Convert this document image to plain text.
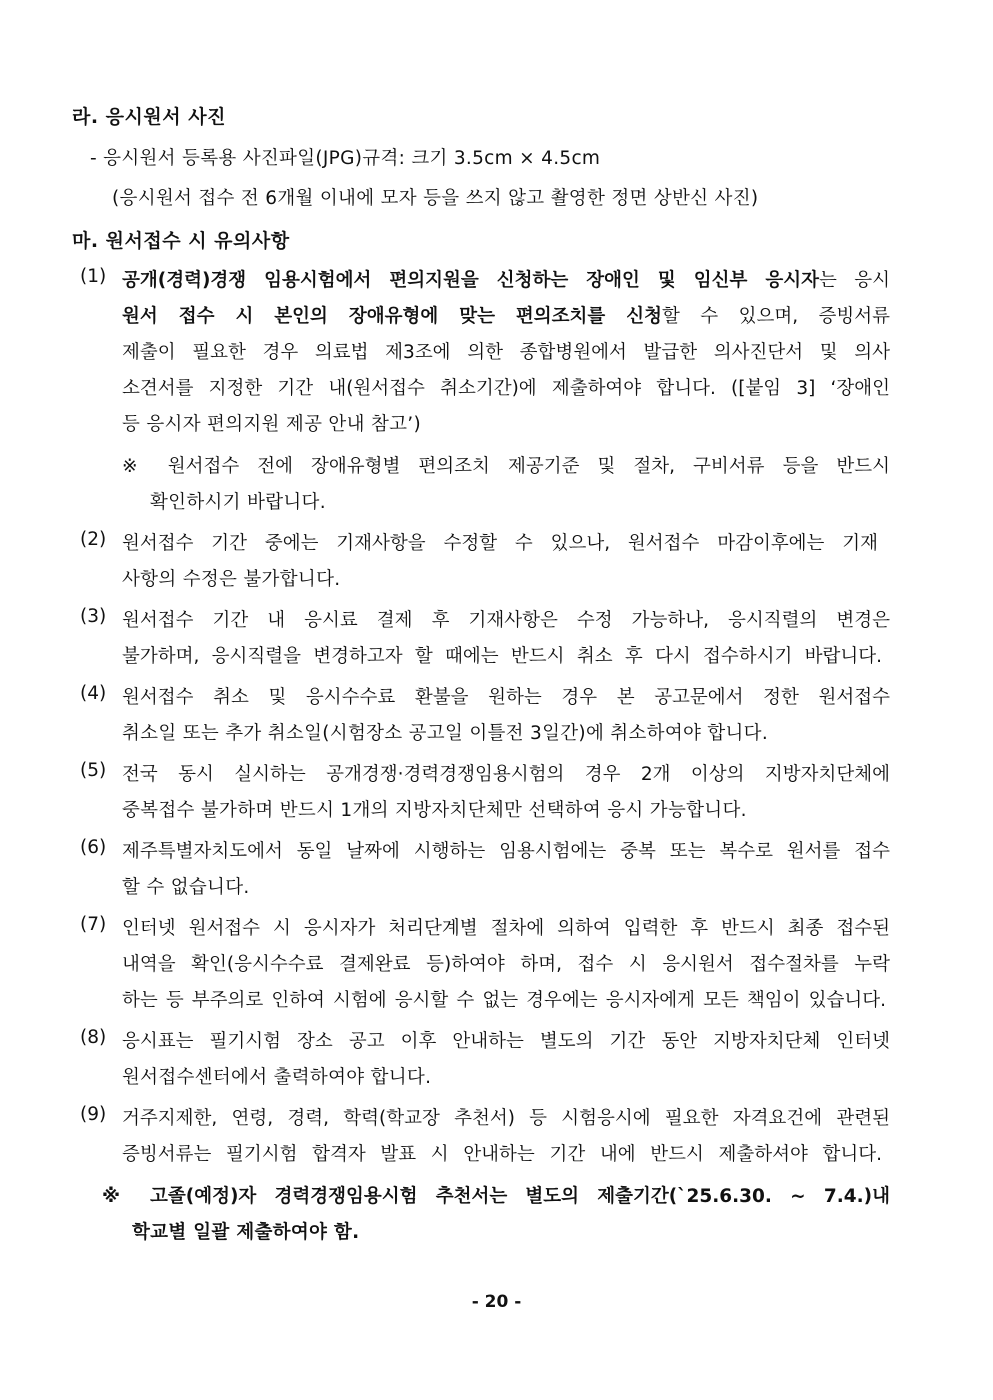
라. 응시원서 사진
- 응시원서 등록용 사진파일(JPG)규격: 크기 3.5cm × 4.5cm
(응시원서 접수 전 6개월 이내에 모자 등을 쓰지 않고 촬영한 정면 상반신 사진)
마. 원서접수 시 유의사항
(1) 공개(경력)경쟁 임용시험에서 편의지원을 신청하는 장애인 및 임신부 응시자는 응시
원서 접수 시 본인의 장애유형에 맞는 편의조치를 신청할 수 있으며, 증빙서류
제출이 필요한 경우 의료법 제3조에 의한 종합병원에서 발급한 의사진단서 및 의사
소견서를 지정한 기간 내(원서접수 취소기간)에 제출하여야 합니다. ([붙임 3] ‘장애인
등 응시자 편의지원 제공 안내 참고’)
※ 원서접수 전에 장애유형별 편의조치 제공기준 및 절차, 구비서류 등을 반드시
확인하시기 바랍니다.
(2) 원서접수 기간 중에는 기재사항을 수정할 수 있으나, 원서접수 마감이후에는 기재
사항의 수정은 불가합니다.
(3) 원서접수 기간 내 응시료 결제 후 기재사항은 수정 가능하나, 응시직렬의 변경은
불가하며, 응시직렬을 변경하고자 할 때에는 반드시 취소 후 다시 접수하시기 바랍니다.
(4) 원서접수 취소 및 응시수수료 환불을 원하는 경우 본 공고문에서 정한 원서접수
취소일 또는 추가 취소일(시험장소 공고일 이틀전 3일간)에 취소하여야 합니다.
(5) 전국 동시 실시하는 공개경쟁·경력경쟁임용시험의 경우 2개 이상의 지방자치단체에
중복접수 불가하며 반드시 1개의 지방자치단체만 선택하여 응시 가능합니다.
(6) 제주특별자치도에서 동일 날짜에 시행하는 임용시험에는 중복 또는 복수로 원서를 접수
할 수 없습니다.
(7) 인터넷 원서접수 시 응시자가 처리단계별 절차에 의하여 입력한 후 반드시 최종 접수된
내역을 확인(응시수수료 결제완료 등)하여야 하며, 접수 시 응시원서 접수절차를 누락
하는 등 부주의로 인하여 시험에 응시할 수 없는 경우에는 응시자에게 모든 책임이 있습니다.
(8) 응시표는 필기시험 장소 공고 이후 안내하는 별도의 기간 동안 지방자치단체 인터넷
원서접수센터에서 출력하여야 합니다.
(9) 거주지제한, 연령, 경력, 학력(학교장 추천서) 등 시험응시에 필요한 자격요건에 관련된
증빙서류는 필기시험 합격자 발표 시 안내하는 기간 내에 반드시 제출하셔야 합니다.
※ 고졸(예정)자 경력경쟁임용시험 추천서는 별도의 제출기간(`25.6.30. ~ 7.4.)내
학교별 일괄 제출하여야 함.
- 20 -
